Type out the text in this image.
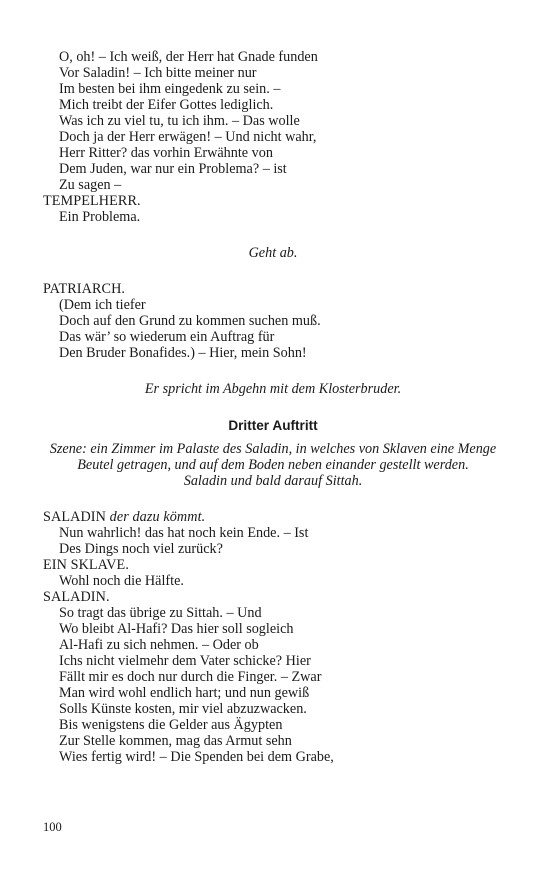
O, oh! – Ich weiß, der Herr hat Gnade funden
Vor Saladin! – Ich bitte meiner nur
Im besten bei ihm eingedenk zu sein. –
Mich treibt der Eifer Gottes lediglich.
Was ich zu viel tu, tu ich ihm. – Das wolle
Doch ja der Herr erwägen! – Und nicht wahr,
Herr Ritter? das vorhin Erwähnte von
Dem Juden, war nur ein Problema? – ist
Zu sagen –
TEMPELHERR.
Ein Problema.
Geht ab.
PATRIARCH.
(Dem ich tiefer
Doch auf den Grund zu kommen suchen muß.
Das wär’ so wiederum ein Auftrag für
Den Bruder Bonafides.) – Hier, mein Sohn!
Er spricht im Abgehn mit dem Klosterbruder.
Dritter Auftritt
Szene: ein Zimmer im Palaste des Saladin, in welches von Sklaven eine Menge Beutel getragen, und auf dem Boden neben einander gestellt werden.
Saladin und bald darauf Sittah.
SALADIN der dazu kömmt.
Nun wahrlich! das hat noch kein Ende. – Ist
Des Dings noch viel zurück?
EIN SKLAVE.
Wohl noch die Hälfte.
SALADIN.
So tragt das übrige zu Sittah. – Und
Wo bleibt Al-Hafi? Das hier soll sogleich
Al-Hafi zu sich nehmen. – Oder ob
Ichs nicht vielmehr dem Vater schicke? Hier
Fällt mir es doch nur durch die Finger. – Zwar
Man wird wohl endlich hart; und nun gewiß
Solls Künste kosten, mir viel abzuzwacken.
Bis wenigstens die Gelder aus Ägypten
Zur Stelle kommen, mag das Armut sehn
Wies fertig wird! – Die Spenden bei dem Grabe,
100
